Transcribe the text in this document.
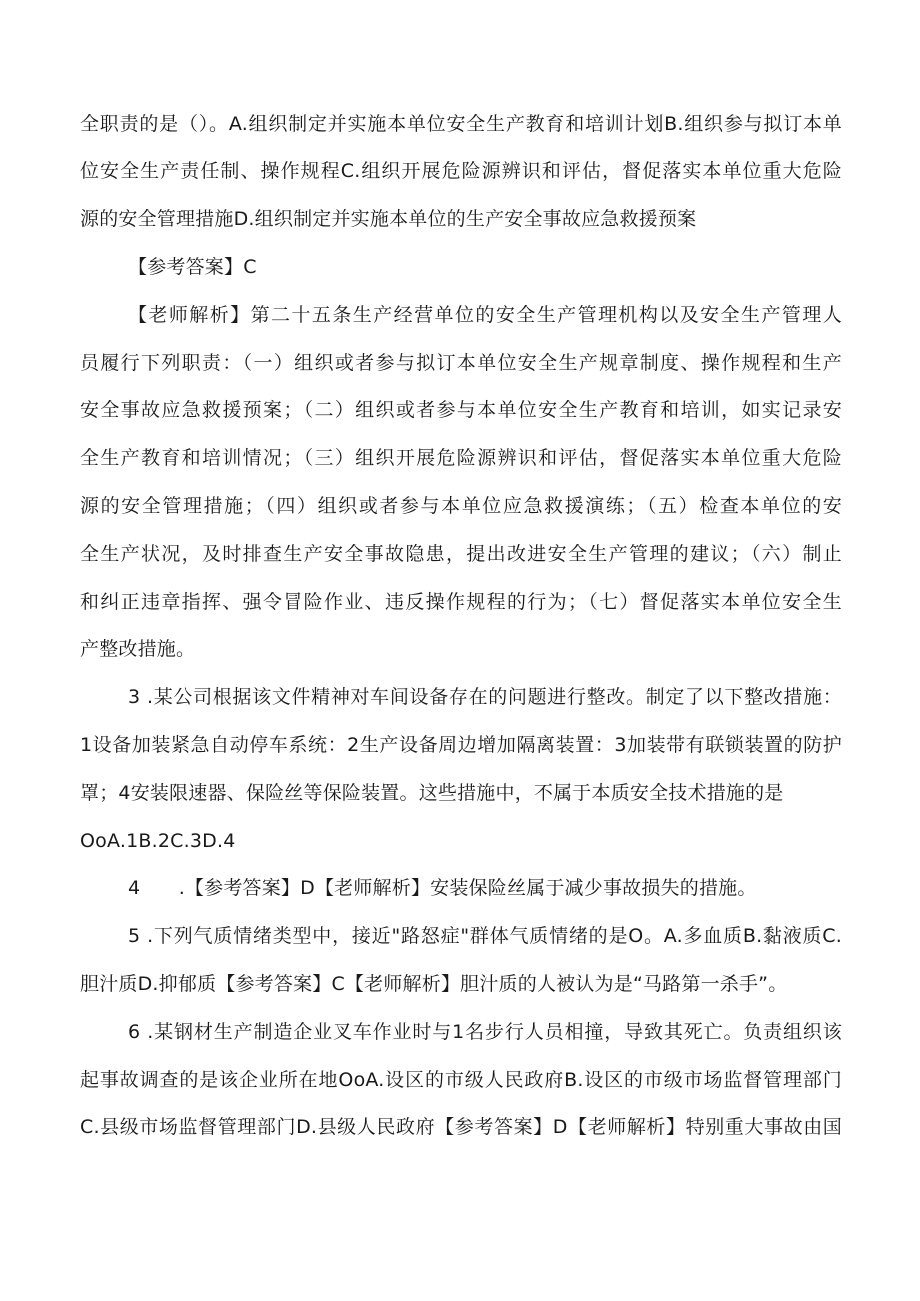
全职责的是（）。A.组织制定并实施本单位安全生产教育和培训计划B.组织参与拟订本单
位安全生产责任制、操作规程C.组织开展危险源辨识和评估，督促落实本单位重大危险
源的安全管理措施D.组织制定并实施本单位的生产安全事故应急救援预案
【参考答案】C
【老师解析】第二十五条生产经营单位的安全生产管理机构以及安全生产管理人
员履行下列职责：（一）组织或者参与拟订本单位安全生产规章制度、操作规程和生产
安全事故应急救援预案；（二）组织或者参与本单位安全生产教育和培训，如实记录安
全生产教育和培训情况；（三）组织开展危险源辨识和评估，督促落实本单位重大危险
源的安全管理措施；（四）组织或者参与本单位应急救援演练；（五）检查本单位的安
全生产状况，及时排查生产安全事故隐患，提出改进安全生产管理的建议；（六）制止
和纠正违章指挥、强令冒险作业、违反操作规程的行为；（七）督促落实本单位安全生
产整改措施。
3 .某公司根据该文件精神对车间设备存在的问题进行整改。制定了以下整改措施：
1设备加装紧急自动停车系统：2生产设备周边增加隔离装置：3加装带有联锁装置的防护
罩；4安装限速器、保险丝等保险装置。这些措施中，不属于本质安全技术措施的是
OoA.1B.2C.3D.4
4　　.【参考答案】D【老师解析】安装保险丝属于减少事故损失的措施。
5 .下列气质情绪类型中，接近"路怒症"群体气质情绪的是O。A.多血质B.黏液质C.
胆汁质D.抑郁质【参考答案】C【老师解析】胆汁质的人被认为是“马路第一杀手”。
6 .某钢材生产制造企业叉车作业时与1名步行人员相撞，导致其死亡。负责组织该
起事故调查的是该企业所在地OoA.设区的市级人民政府B.设区的市级市场监督管理部门
C.县级市场监督管理部门D.县级人民政府【参考答案】D【老师解析】特别重大事故由国
